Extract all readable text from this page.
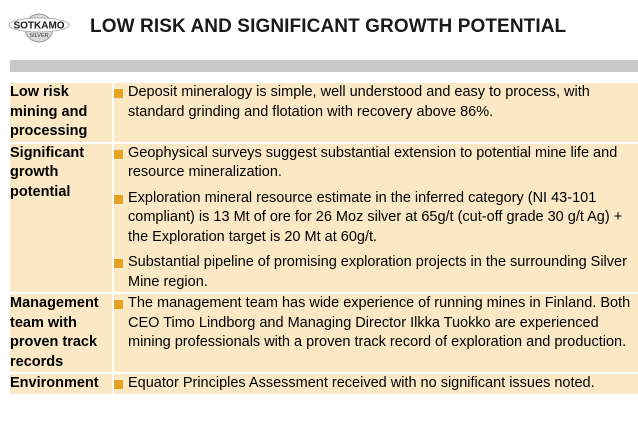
SOTKAMO
SILVER LOW RISK AND SIGNIFICANT GROWTH POTENTIAL
Low risk mining and processing	Deposit mineralogy is simple, well understood and easy to process, with standard grinding and flotation with recovery above 86%.

Significant growth potential	Geophysical surveys suggest substantial extension to potential mine life and resource mineralization.
Exploration mineral resource estimate in the inferred category (NI 43-101 compliant) is 13 Mt of ore for 26 Moz silver at 65g/t (cut-off grade 30 g/t Ag) + the Exploration target is 20 Mt at 60g/t.
Substantial pipeline of promising exploration projects in the surrounding Silver Mine region.

Management team with proven track records	The management team has wide experience of running mines in Finland. Both CEO Timo Lindborg and Managing Director Ilkka Tuokko are experienced mining professionals with a proven track record of exploration and production.

Environment	Equator Principles Assessment received with no significant issues noted.
